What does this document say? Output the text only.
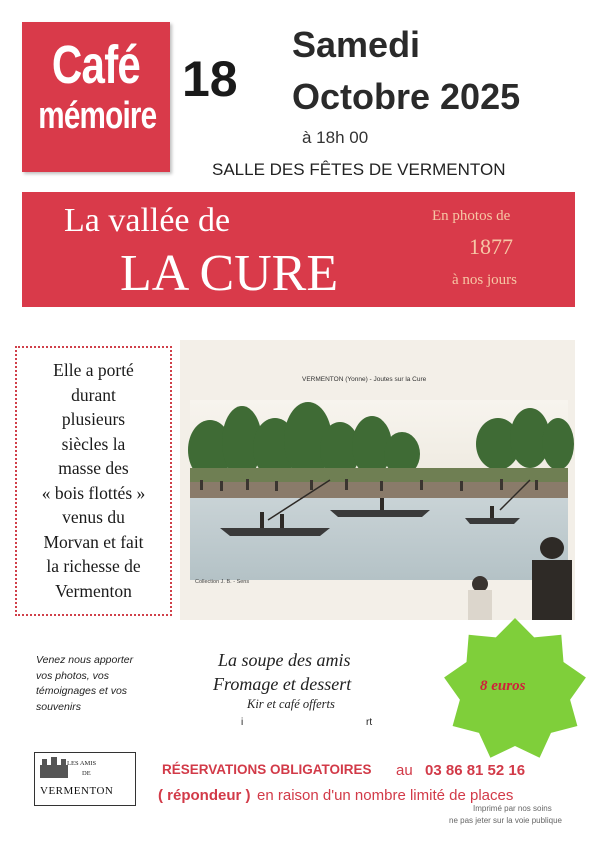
Café
mémoire
18
Samedi
Octobre 2025
à 18h 00
SALLE DES FÊTES DE VERMENTON
La vallée de
LA CURE
En photos de
1877
à nos jours
Elle a porté
durant
plusieurs
siècles la
masse des
« bois flottés »
venus du
Morvan et fait
la richesse de
Vermenton
VERMENTON (Yonne) - Joutes sur la Cure
Collection J. B. - Sens
Venez nous apporter
vos photos, vos
témoignages et vos
souvenirs
La soupe des amis
Fromage et dessert
Kir et café offerts
i	rt
8 euros
LES AMIS
DE
VERMENTON
RÉSERVATIONS OBLIGATOIRES au 03 86 81 52 16
( répondeur ) en raison d'un nombre limité de places
Imprimé par nos soins
ne pas jeter sur la voie publique
